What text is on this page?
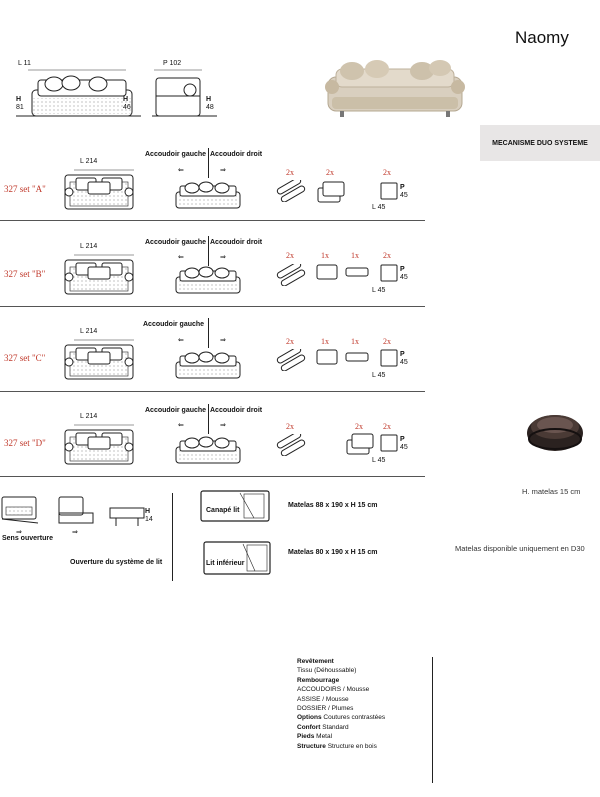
Naomy
MECANISME DUO SYSTEME
L 11
H
81
H
46
P 102
H
48
327 set "A"
L 214
Accoudoir gauche Accoudoir droit
⇐	⇒	2x	2x	2x
P
45
L 45
327 set "B"
L 214
Accoudoir gauche Accoudoir droit
⇐	⇒	2x	1x	1x	2x
P
45
L 45
327 set "C"
L 214
Accoudoir gauche
⇐	⇒	2x	1x	1x	2x
P
45
L 45
327 set "D"
L 214
Accoudoir gauche Accoudoir droit
⇐	⇒	2x	2x	2x
P
45
L 45
H. matelas 15 cm
Matelas disponible uniquement en D30
⇒
Sens ouverture
⇒
H
14
Ouverture du système de lit
Canapé lit
Matelas 88 x 190 x H 15 cm
Lit inférieur
Matelas 80 x 190 x H 15 cm
Revêtement
Tissu (Déhoussable)
Rembourrage
ACCOUDOIRS / Mousse
ASSISE / Mousse
DOSSIER / Plumes
Options Coutures contrastées
Confort Standard
Pieds Metal
Structure Structure en bois
